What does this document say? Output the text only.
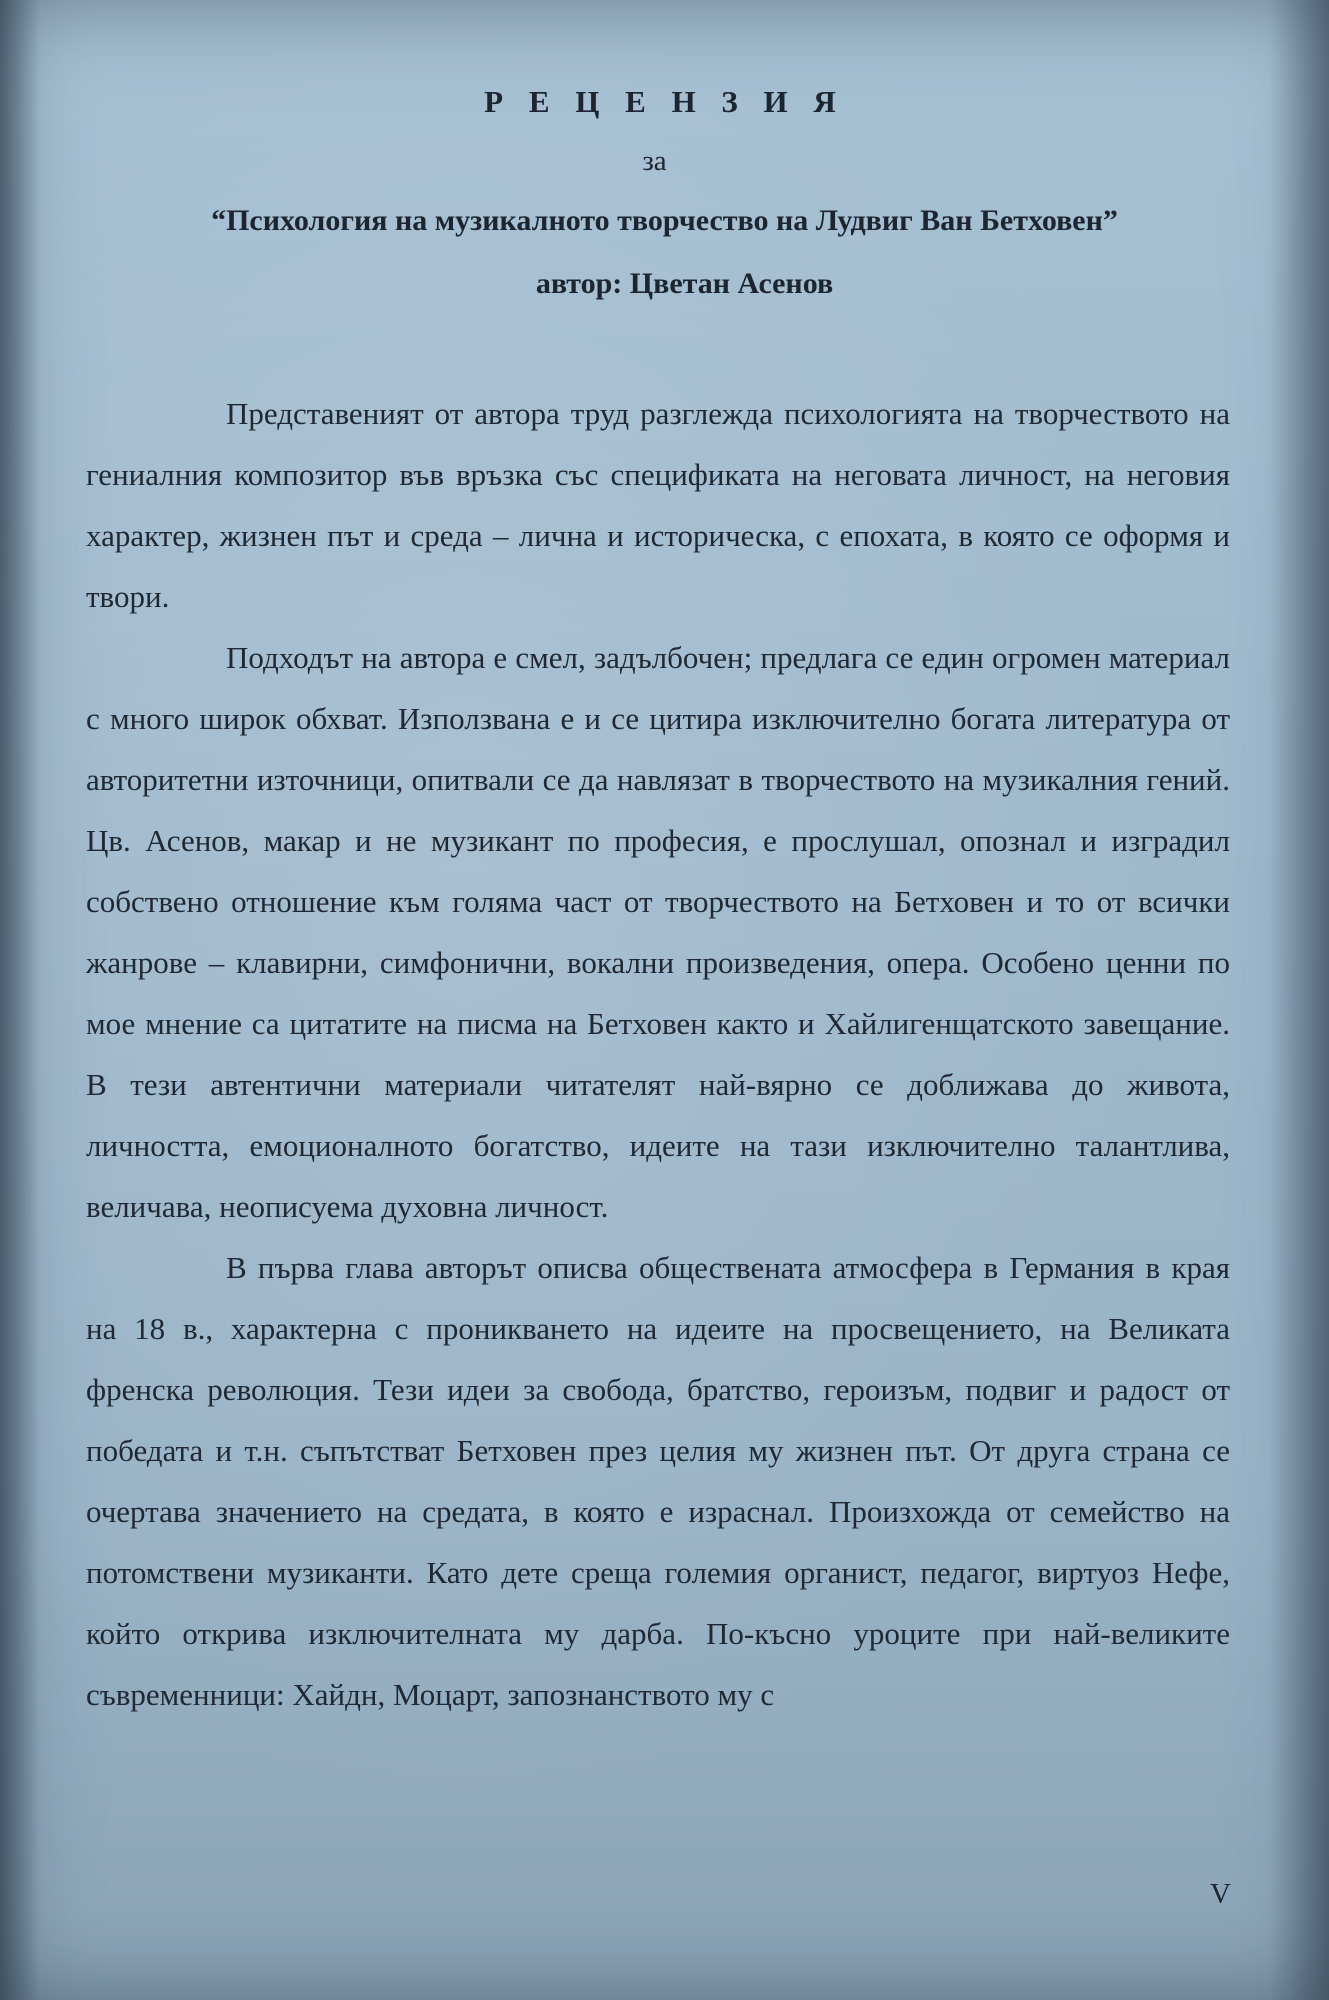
Р Е Ц Е Н З И Я
за
“Психология на музикалното творчество на Лудвиг Ван Бетховен”
автор: Цветан Асенов

Представеният от автора труд разглежда психологията на творчеството на гениалния композитор във връзка със спецификата на неговата личност, на неговия характер, жизнен път и среда – лична и историческа, с епохата, в която се оформя и твори.

Подходът на автора е смел, задълбочен; предлага се един огромен материал с много широк обхват. Използвана е и се цитира изключително богата литература от авторитетни източници, опитвали се да навлязат в творчеството на музикалния гений. Цв. Асенов, макар и не музикант по професия, е прослушал, опознал и изградил собствено отношение към голяма част от творчеството на Бетховен и то от всички жанрове – клавирни, симфонични, вокални произведения, опера. Особено ценни по мое мнение са цитатите на писма на Бетховен както и Хайлигенщатското завещание. В тези автентични материали читателят най-вярно се доближава до живота, личността, емоционалното богатство, идеите на тази изключително талантлива, величава, неописуема духовна личност.

В първа глава авторът описва обществената атмосфера в Германия в края на 18 в., характерна с проникването на идеите на просвещението, на Великата френска революция. Тези идеи за свобода, братство, героизъм, подвиг и радост от победата и т.н. съпътстват Бетховен през целия му жизнен път. От друга страна се очертава значението на средата, в която е израснал. Произхожда от семейство на потомствени музиканти. Като дете среща големия органист, педагог, виртуоз Нефе, който открива изключителната му дарба. По-късно уроците при най-великите съвременници: Хайдн, Моцарт, запознанството му с

V
